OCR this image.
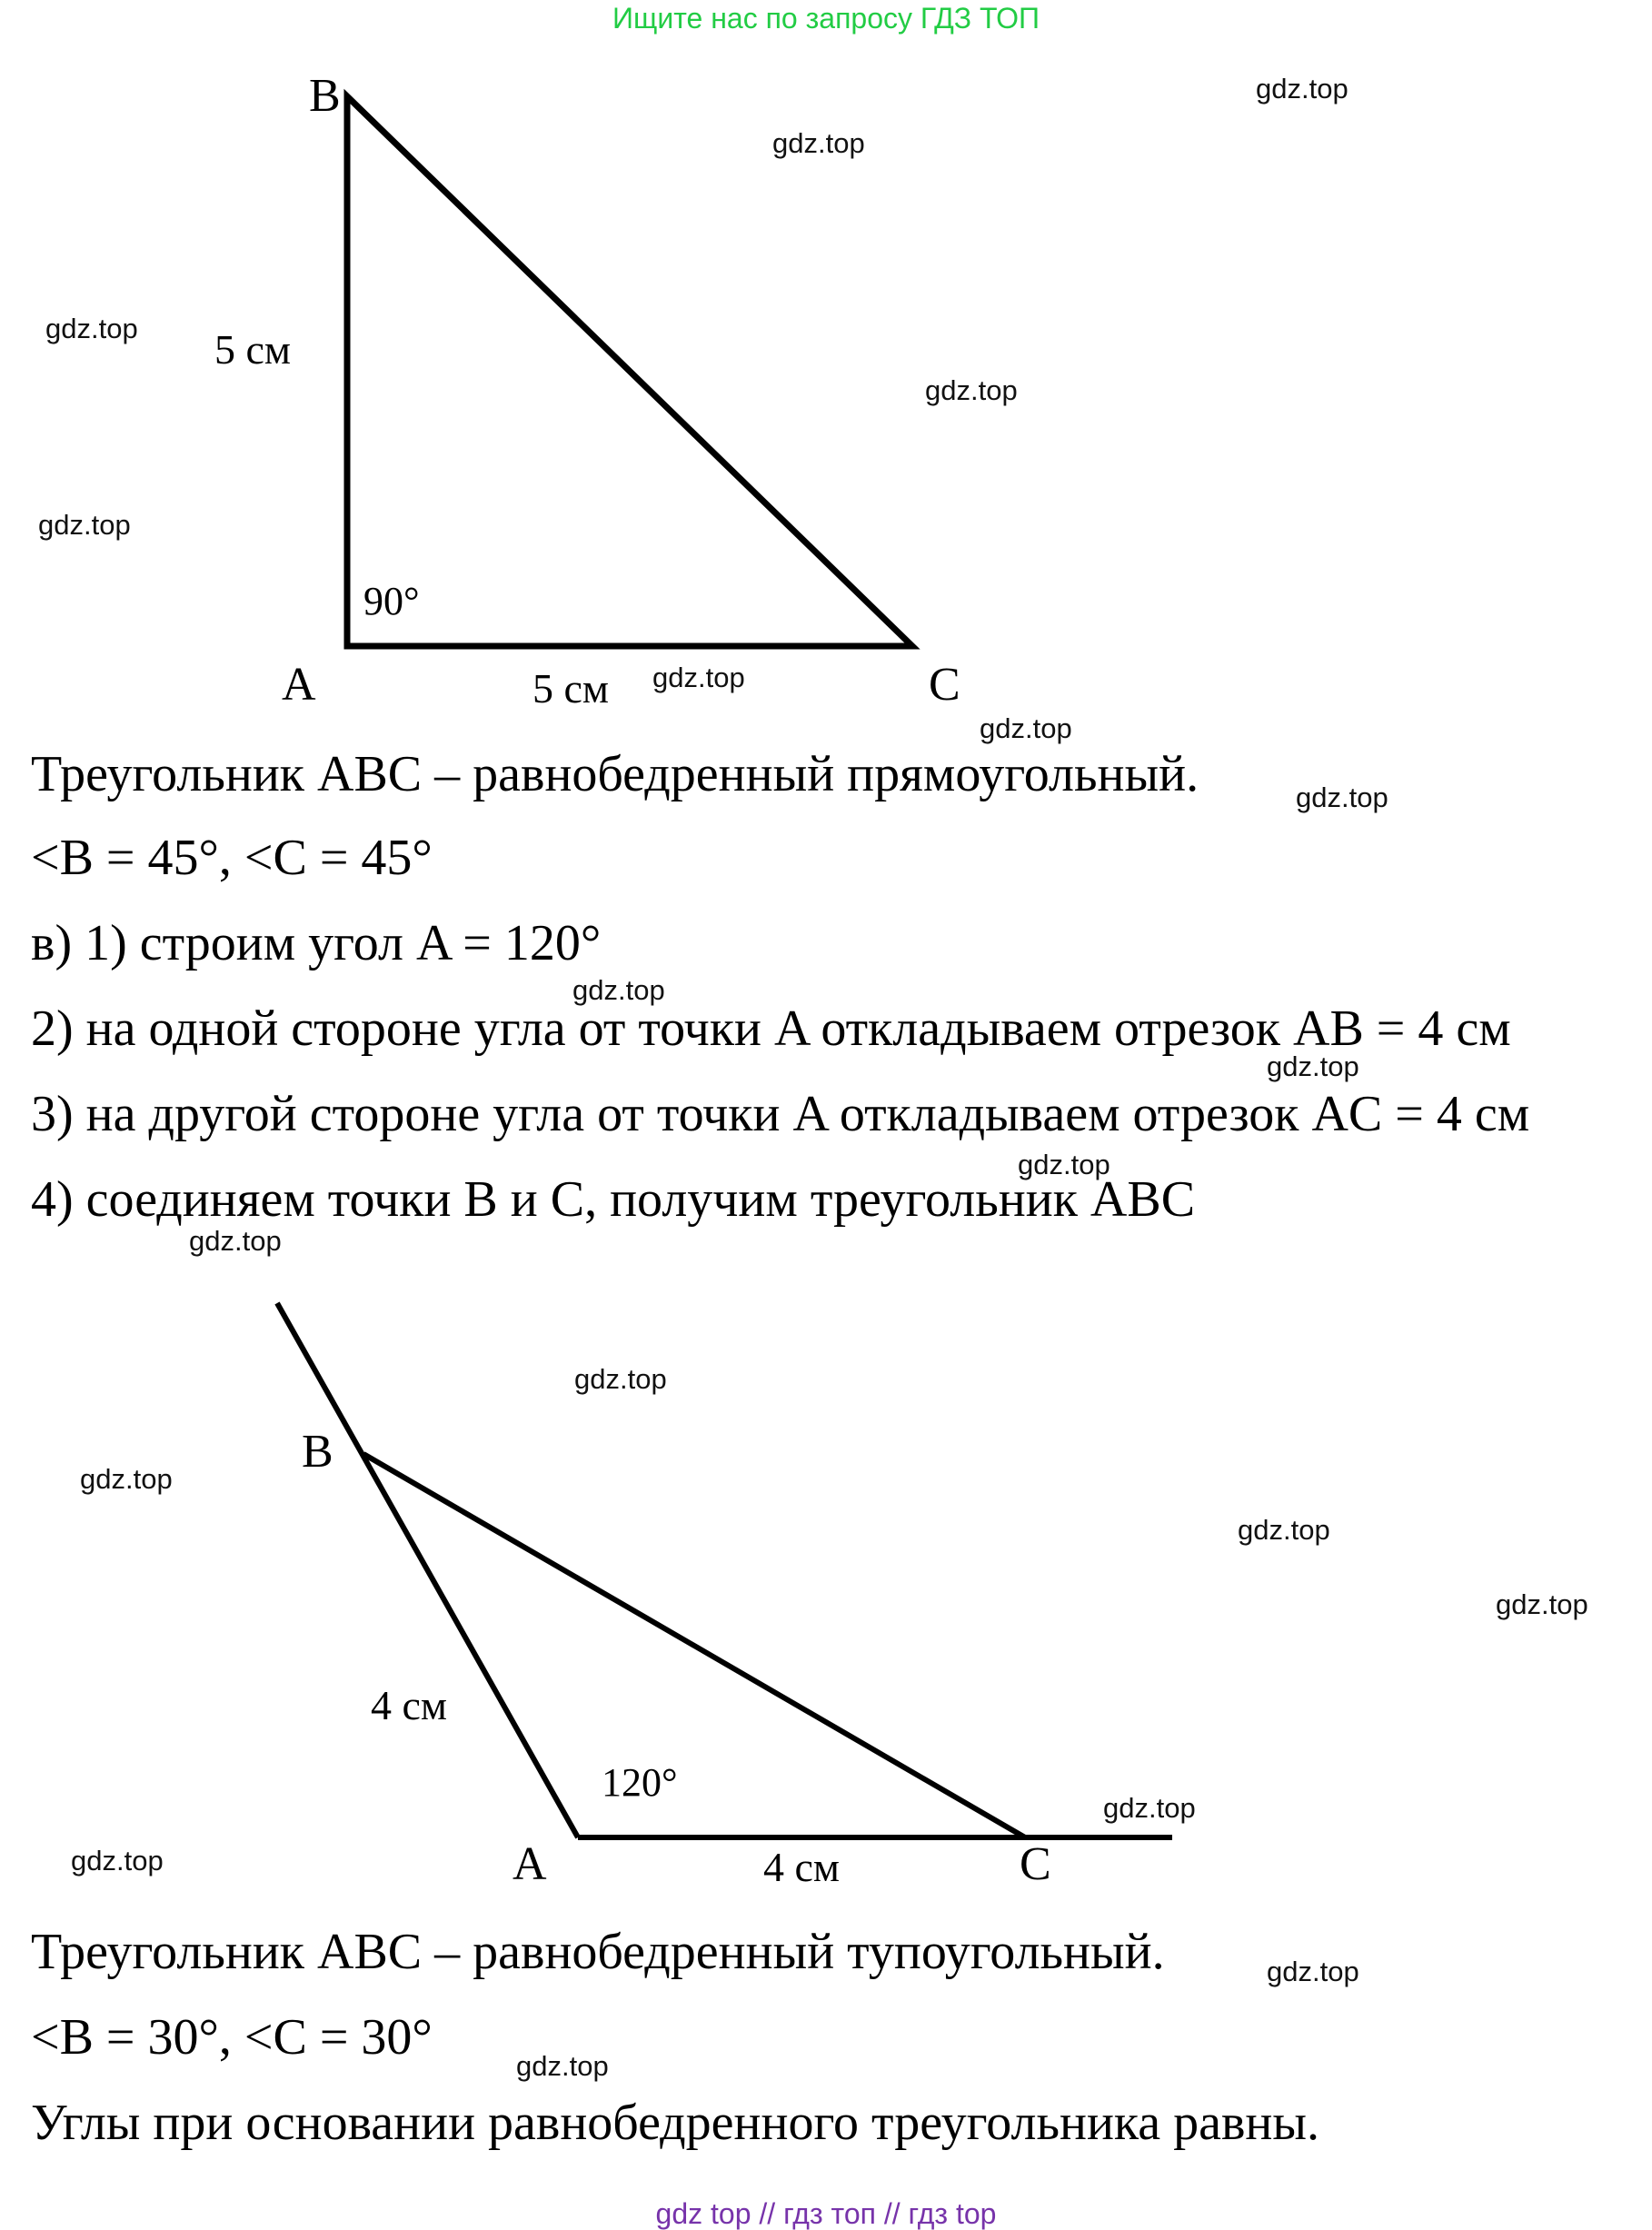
Ищите нас по запросу ГДЗ ТОП
B
A	C
5 см
5 см
90°
Треугольник ABC – равнобедренный прямоугольный.
<B = 45°, <C = 45°
в) 1) строим угол A = 120°
2) на одной стороне угла от точки A откладываем отрезок AB = 4 см
3) на другой стороне угла от точки A откладываем отрезок AC = 4 см
4) соединяем точки B и C, получим треугольник ABC
B
A	C
4 см
4 см
120°
Треугольник ABC – равнобедренный тупоугольный.
<B = 30°, <C = 30°
Углы при основании равнобедренного треугольника равны.
gdz.top
gdz.top
gdz.top
gdz.top
gdz.top
gdz.top
gdz.top
gdz.top
gdz.top
gdz.top
gdz.top
gdz.top
gdz.top
gdz.top
gdz.top
gdz.top
gdz.top
gdz.top
gdz.top
gdz.top
gdz top // гдз топ // гдз top
